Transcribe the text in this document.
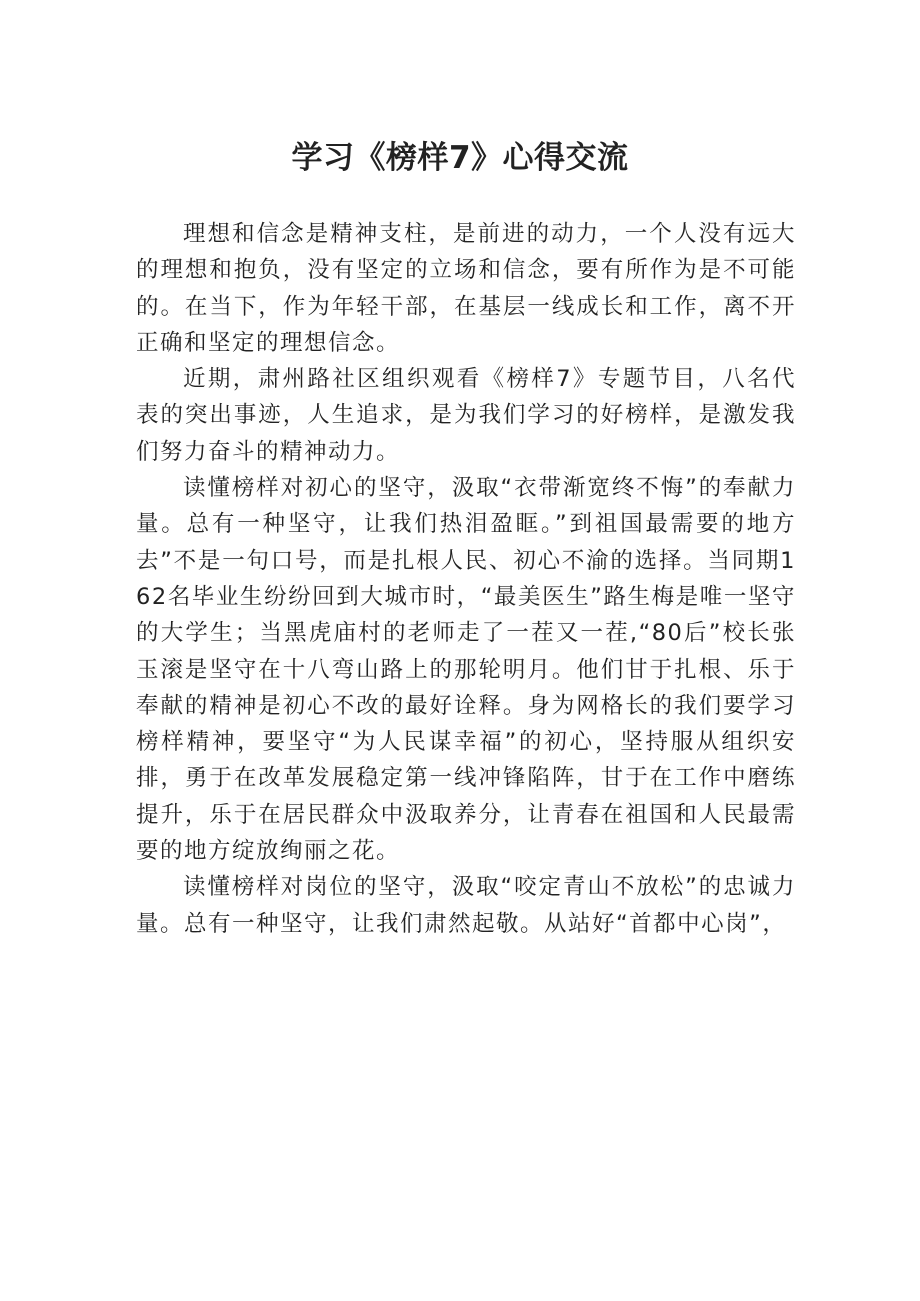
学习《榜样7》心得交流

理想和信念是精神支柱，是前进的动力，一个人没有远大的理想和抱负，没有坚定的立场和信念，要有所作为是不可能的。在当下，作为年轻干部，在基层一线成长和工作，离不开正确和坚定的理想信念。

近期，肃州路社区组织观看《榜样7》专题节目，八名代表的突出事迹，人生追求，是为我们学习的好榜样，是激发我们努力奋斗的精神动力。

读懂榜样对初心的坚守，汲取“衣带渐宽终不悔”的奉献力量。总有一种坚守，让我们热泪盈眶。”到祖国最需要的地方去”不是一句口号，而是扎根人民、初心不渝的选择。当同期162名毕业生纷纷回到大城市时，“最美医生”路生梅是唯一坚守的大学生；当黑虎庙村的老师走了一茬又一茬,“80后”校长张玉滚是坚守在十八弯山路上的那轮明月。他们甘于扎根、乐于奉献的精神是初心不改的最好诠释。身为网格长的我们要学习榜样精神，要坚守“为人民谋幸福”的初心，坚持服从组织安排，勇于在改革发展稳定第一线冲锋陷阵，甘于在工作中磨练提升，乐于在居民群众中汲取养分，让青春在祖国和人民最需要的地方绽放绚丽之花。

读懂榜样对岗位的坚守，汲取“咬定青山不放松”的忠诚力量。总有一种坚守，让我们肃然起敬。从站好“首都中心岗”，
